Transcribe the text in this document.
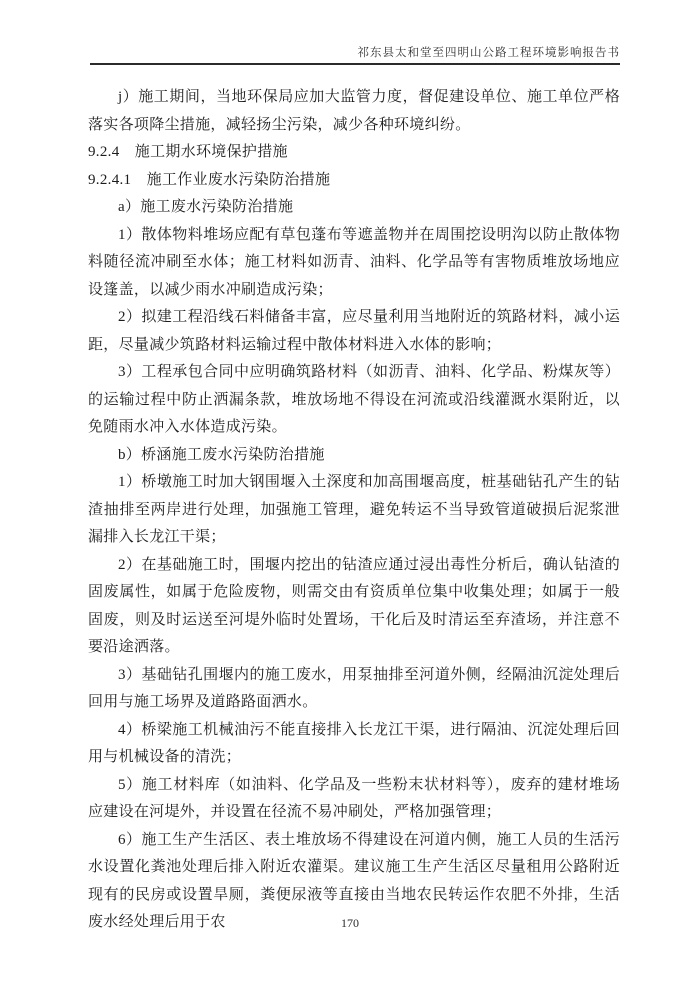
祁东县太和堂至四明山公路工程环境影响报告书

j）施工期间，当地环保局应加大监管力度，督促建设单位、施工单位严格落实各项降尘措施，减轻扬尘污染，减少各种环境纠纷。

9.2.4　施工期水环境保护措施

9.2.4.1　施工作业废水污染防治措施

a）施工废水污染防治措施

1）散体物料堆场应配有草包蓬布等遮盖物并在周围挖设明沟以防止散体物料随径流冲刷至水体；施工材料如沥青、油料、化学品等有害物质堆放场地应设篷盖，以减少雨水冲刷造成污染；

2）拟建工程沿线石料储备丰富，应尽量利用当地附近的筑路材料，减小运距，尽量减少筑路材料运输过程中散体材料进入水体的影响；

3）工程承包合同中应明确筑路材料（如沥青、油料、化学品、粉煤灰等）的运输过程中防止洒漏条款，堆放场地不得设在河流或沿线灌溉水渠附近，以免随雨水冲入水体造成污染。

b）桥涵施工废水污染防治措施

1）桥墩施工时加大钢围堰入土深度和加高围堰高度，桩基础钻孔产生的钻渣抽排至两岸进行处理，加强施工管理，避免转运不当导致管道破损后泥浆泄漏排入长龙江干渠；

2）在基础施工时，围堰内挖出的钻渣应通过浸出毒性分析后，确认钻渣的固废属性，如属于危险废物，则需交由有资质单位集中收集处理；如属于一般固废，则及时运送至河堤外临时处置场，干化后及时清运至弃渣场，并注意不要沿途洒落。

3）基础钻孔围堰内的施工废水，用泵抽排至河道外侧，经隔油沉淀处理后回用与施工场界及道路路面洒水。

4）桥梁施工机械油污不能直接排入长龙江干渠，进行隔油、沉淀处理后回用与机械设备的清洗；

5）施工材料库（如油料、化学品及一些粉末状材料等），废弃的建材堆场应建设在河堤外，并设置在径流不易冲刷处，严格加强管理；

6）施工生产生活区、表土堆放场不得建设在河道内侧，施工人员的生活污水设置化粪池处理后排入附近农灌渠。建议施工生产生活区尽量租用公路附近现有的民房或设置旱厕，粪便尿液等直接由当地农民转运作农肥不外排，生活废水经处理后用于农	170
